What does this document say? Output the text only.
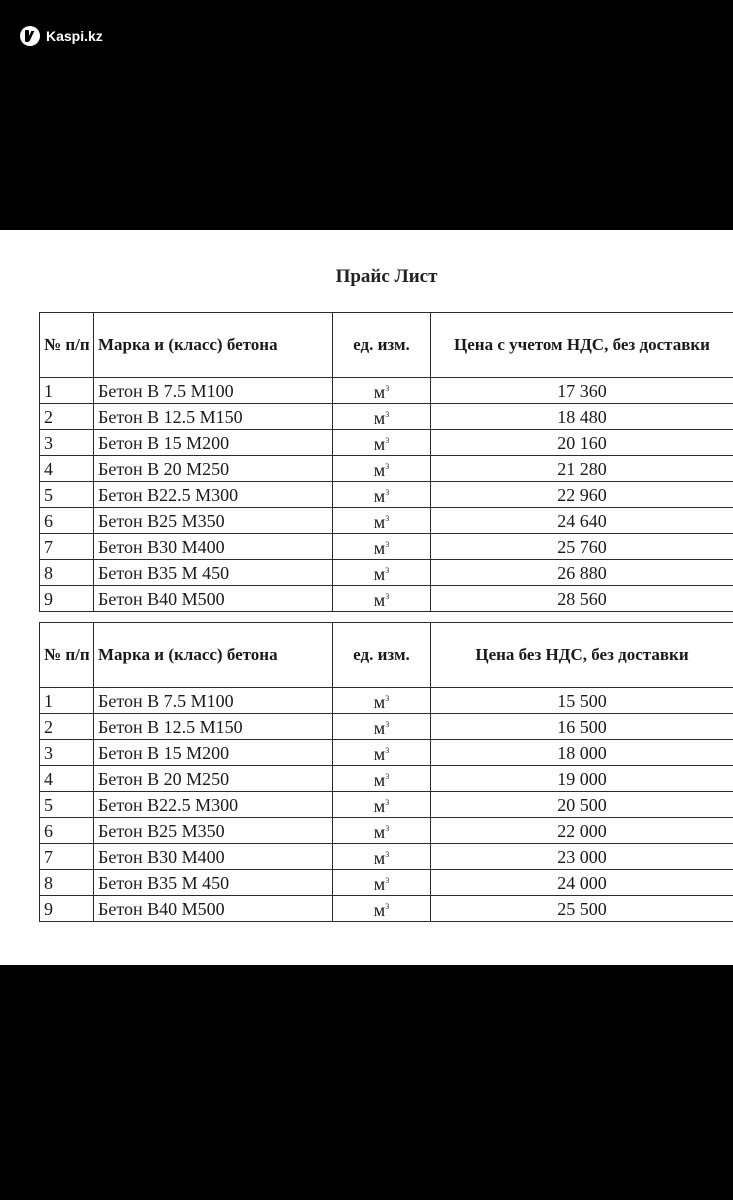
Kaspi.kz
Прайс Лист
№ п/п	Марка и (класс) бетона	ед. изм.	Цена с учетом НДС, без доставки
1	Бетон В 7.5 М100	$м^3$	17 360
2	Бетон В 12.5 М150	$м^3$	18 480
3	Бетон В 15 М200	$м^3$	20 160
4	Бетон В 20 М250	$м^3$	21 280
5	Бетон В22.5 М300	$м^3$	22 960
6	Бетон В25 М350	$м^3$	24 640
7	Бетон В30 М400	$м^3$	25 760
8	Бетон В35 М 450	$м^3$	26 880
9	Бетон В40 М500	$м^3$	28 560
№ п/п	Марка и (класс) бетона	ед. изм.	Цена без НДС, без доставки
1	Бетон В 7.5 М100	$м^3$	15 500
2	Бетон В 12.5 М150	$м^3$	16 500
3	Бетон В 15 М200	$м^3$	18 000
4	Бетон В 20 М250	$м^3$	19 000
5	Бетон В22.5 М300	$м^3$	20 500
6	Бетон В25 М350	$м^3$	22 000
7	Бетон В30 М400	$м^3$	23 000
8	Бетон В35 М 450	$м^3$	24 000
9	Бетон В40 М500	$м^3$	25 500
